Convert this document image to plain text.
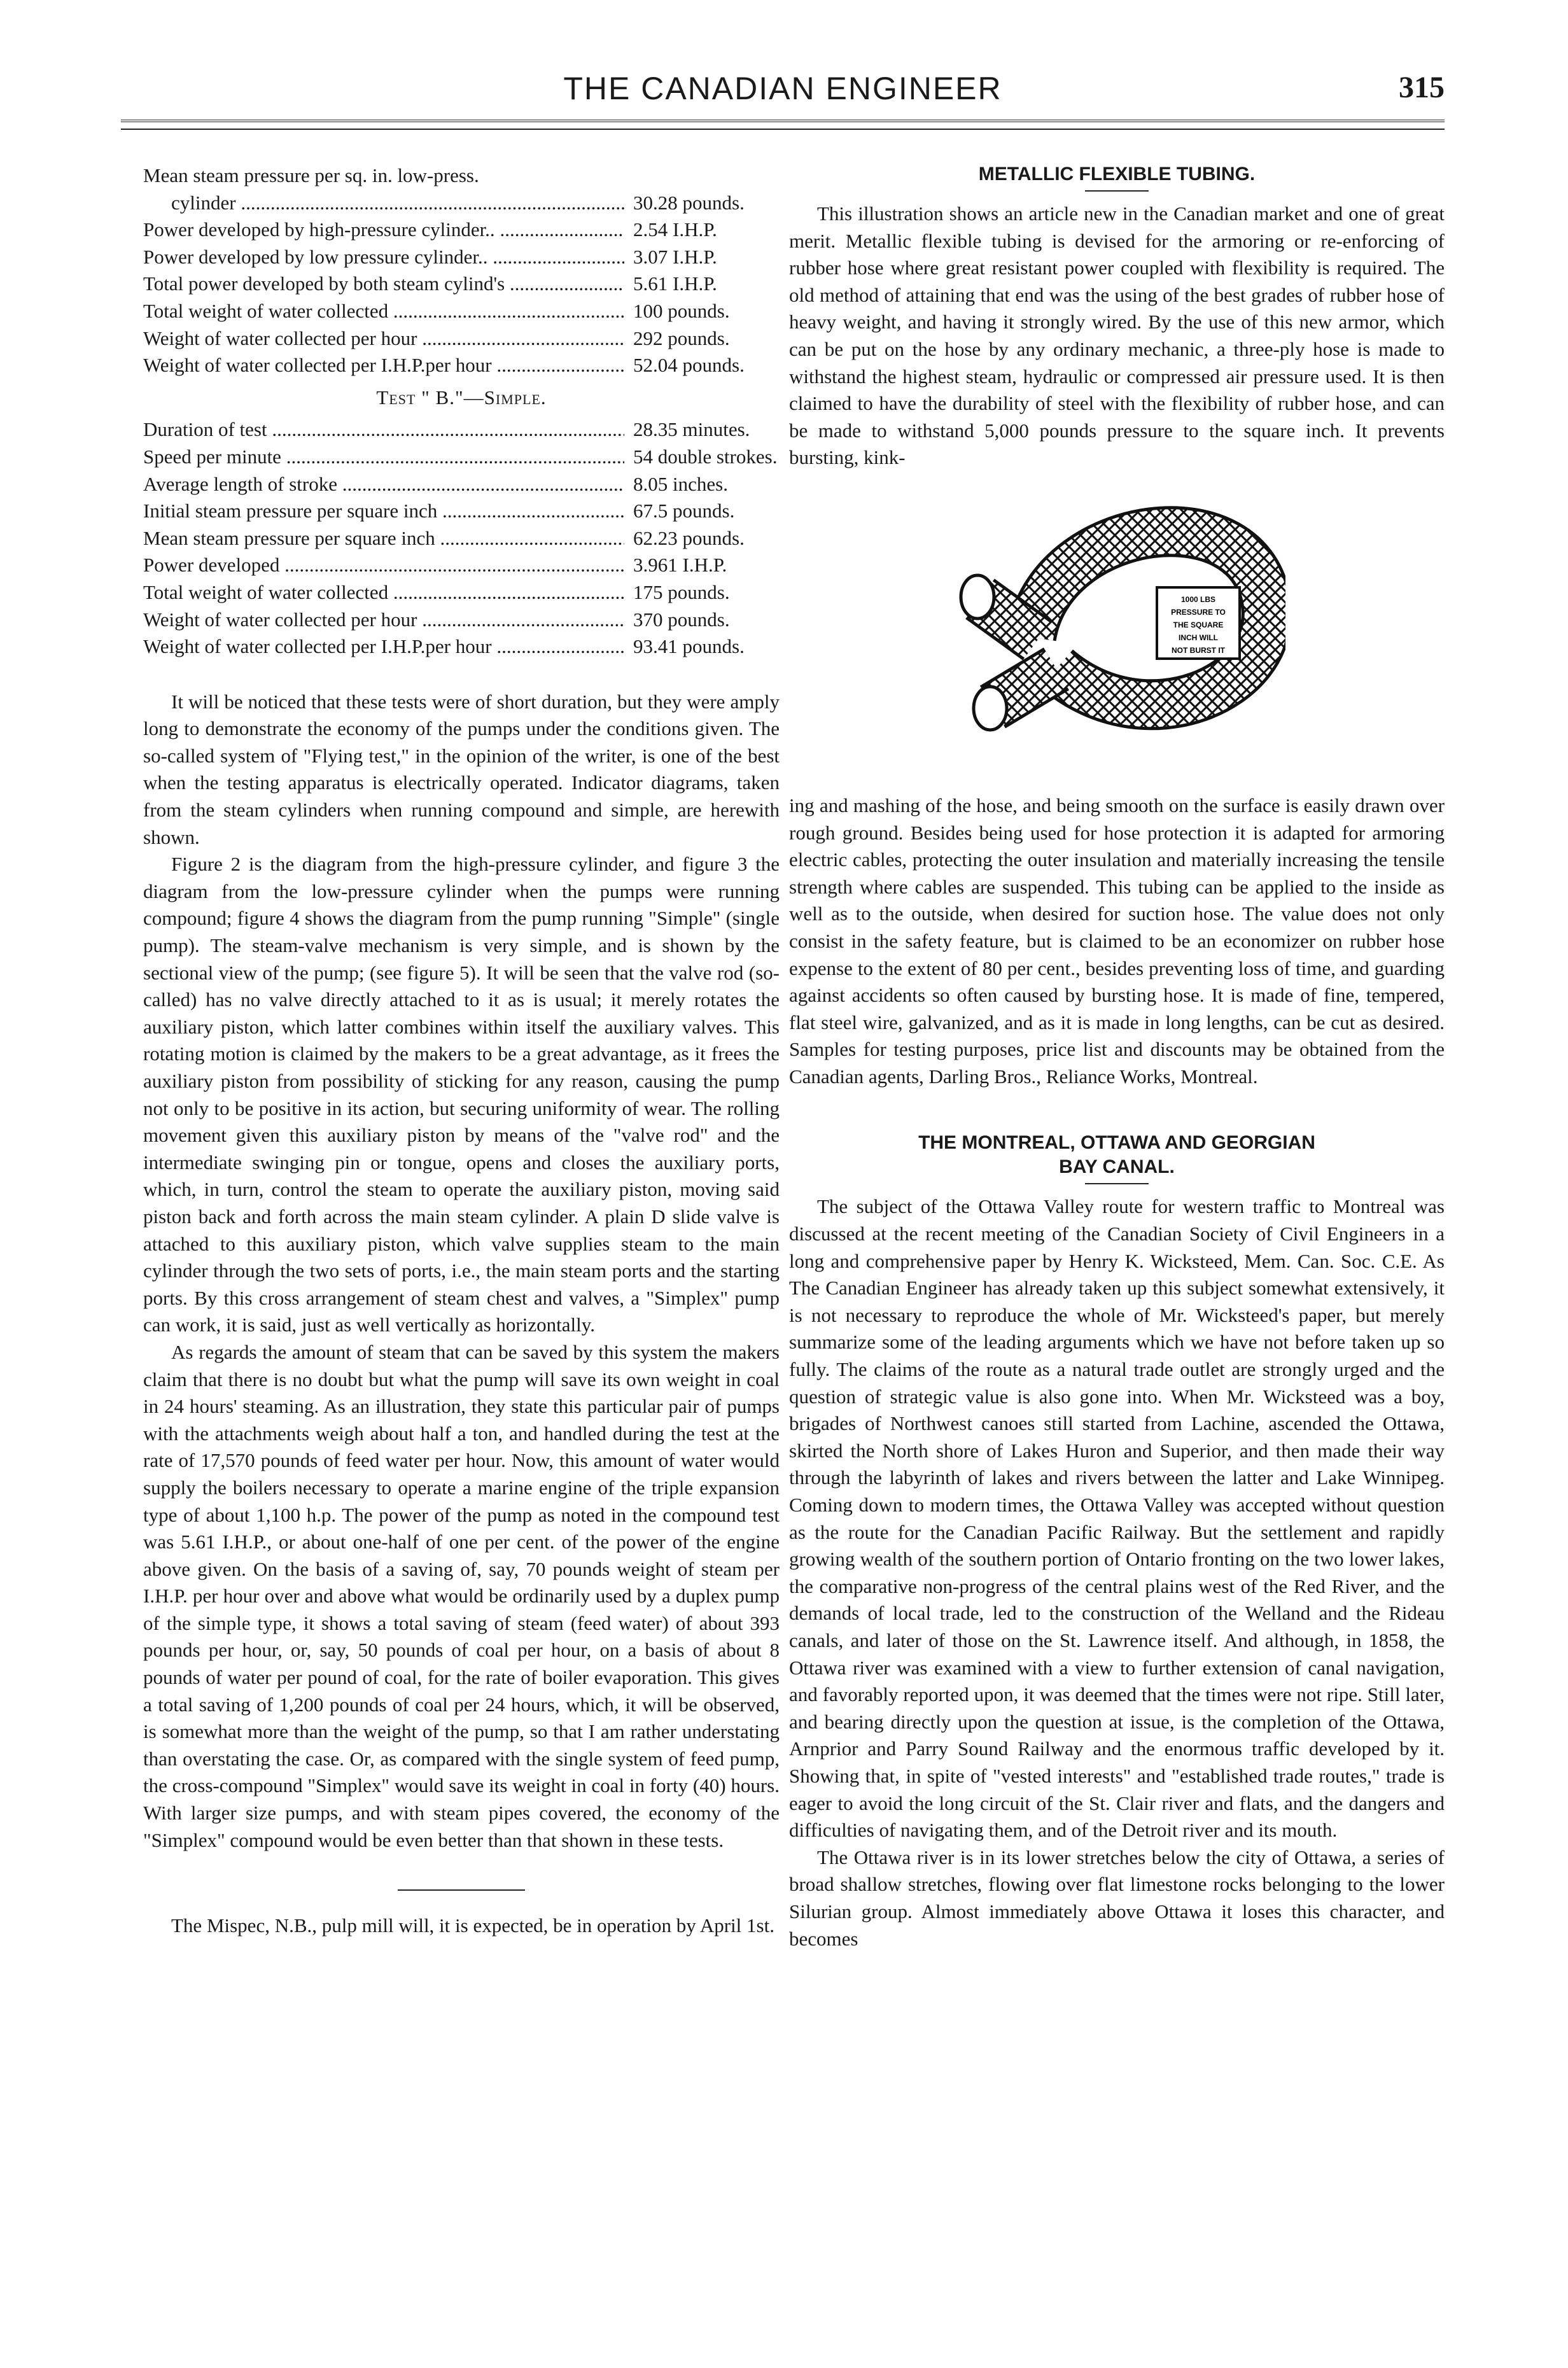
THE CANADIAN ENGINEER	315
Mean steam pressure per sq. in. low-press.
cylinder .....	30.28 pounds.
Power developed by high-pressure cylinder.. .....	2.54 I.H.P.
Power developed by low pressure cylinder.. .....	3.07 I.H.P.
Total power developed by both steam cylind's .....	5.61 I.H.P.
Total weight of water collected .....	100 pounds.
Weight of water collected per hour .....	292 pounds.
Weight of water collected per I.H.P.per hour .....	52.04 pounds.
Test " B."—Simple.
Duration of test .....	28.35 minutes.
Speed per minute .....	54 double strokes.
Average length of stroke .....	8.05 inches.
Initial steam pressure per square inch .....	67.5 pounds.
Mean steam pressure per square inch .....	62.23 pounds.
Power developed .....	3.961 I.H.P.
Total weight of water collected .....	175 pounds.
Weight of water collected per hour .....	370 pounds.
Weight of water collected per I.H.P.per hour .....	93.41 pounds.

It will be noticed that these tests were of short duration, but they were amply long to demonstrate the economy of the pumps under the conditions given. The so-called system of "Flying test," in the opinion of the writer, is one of the best when the testing apparatus is electrically operated. Indicator diagrams, taken from the steam cylinders when running compound and simple, are herewith shown.

Figure 2 is the diagram from the high-pressure cylinder, and figure 3 the diagram from the low-pressure cylinder when the pumps were running compound; figure 4 shows the diagram from the pump running "Simple" (single pump). The steam-valve mechanism is very simple, and is shown by the sectional view of the pump; (see figure 5). It will be seen that the valve rod (so-called) has no valve directly attached to it as is usual; it merely rotates the auxiliary piston, which latter combines within itself the auxiliary valves. This rotating motion is claimed by the makers to be a great advantage, as it frees the auxiliary piston from possibility of sticking for any reason, causing the pump not only to be positive in its action, but securing uniformity of wear. The rolling movement given this auxiliary piston by means of the "valve rod" and the intermediate swinging pin or tongue, opens and closes the auxiliary ports, which, in turn, control the steam to operate the auxiliary piston, moving said piston back and forth across the main steam cylinder. A plain D slide valve is attached to this auxiliary piston, which valve supplies steam to the main cylinder through the two sets of ports, i.e., the main steam ports and the starting ports. By this cross arrangement of steam chest and valves, a "Simplex" pump can work, it is said, just as well vertically as horizontally.

As regards the amount of steam that can be saved by this system the makers claim that there is no doubt but what the pump will save its own weight in coal in 24 hours' steaming. As an illustration, they state this particular pair of pumps with the attachments weigh about half a ton, and handled during the test at the rate of 17,570 pounds of feed water per hour. Now, this amount of water would supply the boilers necessary to operate a marine engine of the triple expansion type of about 1,100 h.p. The power of the pump as noted in the compound test was 5.61 I.H.P., or about one-half of one per cent. of the power of the engine above given. On the basis of a saving of, say, 70 pounds weight of steam per I.H.P. per hour over and above what would be ordinarily used by a duplex pump of the simple type, it shows a total saving of steam (feed water) of about 393 pounds per hour, or, say, 50 pounds of coal per hour, on a basis of about 8 pounds of water per pound of coal, for the rate of boiler evaporation. This gives a total saving of 1,200 pounds of coal per 24 hours, which, it will be observed, is somewhat more than the weight of the pump, so that I am rather understating than overstating the case. Or, as compared with the single system of feed pump, the cross-compound "Simplex" would save its weight in coal in forty (40) hours. With larger size pumps, and with steam pipes covered, the economy of the "Simplex" compound would be even better than that shown in these tests.

The Mispec, N.B., pulp mill will, it is expected, be in operation by April 1st.

METALLIC FLEXIBLE TUBING.

This illustration shows an article new in the Canadian market and one of great merit. Metallic flexible tubing is devised for the armoring or re-enforcing of rubber hose where great resistant power coupled with flexibility is required. The old method of attaining that end was the using of the best grades of rubber hose of heavy weight, and having it strongly wired. By the use of this new armor, which can be put on the hose by any ordinary mechanic, a three-ply hose is made to withstand the highest steam, hydraulic or compressed air pressure used. It is then claimed to have the durability of steel with the flexibility of rubber hose, and can be made to withstand 5,000 pounds pressure to the square inch. It prevents bursting, kink-

1000 LBS
PRESSURE TO
THE SQUARE
INCH WILL
NOT BURST IT

ing and mashing of the hose, and being smooth on the surface is easily drawn over rough ground. Besides being used for hose protection it is adapted for armoring electric cables, protecting the outer insulation and materially increasing the tensile strength where cables are suspended. This tubing can be applied to the inside as well as to the outside, when desired for suction hose. The value does not only consist in the safety feature, but is claimed to be an economizer on rubber hose expense to the extent of 80 per cent., besides preventing loss of time, and guarding against accidents so often caused by bursting hose. It is made of fine, tempered, flat steel wire, galvanized, and as it is made in long lengths, can be cut as desired. Samples for testing purposes, price list and discounts may be obtained from the Canadian agents, Darling Bros., Reliance Works, Montreal.

THE MONTREAL, OTTAWA AND GEORGIAN
BAY CANAL.

The subject of the Ottawa Valley route for western traffic to Montreal was discussed at the recent meeting of the Canadian Society of Civil Engineers in a long and comprehensive paper by Henry K. Wicksteed, Mem. Can. Soc. C.E. As The Canadian Engineer has already taken up this subject somewhat extensively, it is not necessary to reproduce the whole of Mr. Wicksteed's paper, but merely summarize some of the leading arguments which we have not before taken up so fully. The claims of the route as a natural trade outlet are strongly urged and the question of strategic value is also gone into. When Mr. Wicksteed was a boy, brigades of Northwest canoes still started from Lachine, ascended the Ottawa, skirted the North shore of Lakes Huron and Superior, and then made their way through the labyrinth of lakes and rivers between the latter and Lake Winnipeg. Coming down to modern times, the Ottawa Valley was accepted without question as the route for the Canadian Pacific Railway. But the settlement and rapidly growing wealth of the southern portion of Ontario fronting on the two lower lakes, the comparative non-progress of the central plains west of the Red River, and the demands of local trade, led to the construction of the Welland and the Rideau canals, and later of those on the St. Lawrence itself. And although, in 1858, the Ottawa river was examined with a view to further extension of canal navigation, and favorably reported upon, it was deemed that the times were not ripe. Still later, and bearing directly upon the question at issue, is the completion of the Ottawa, Arnprior and Parry Sound Railway and the enormous traffic developed by it. Showing that, in spite of "vested interests" and "established trade routes," trade is eager to avoid the long circuit of the St. Clair river and flats, and the dangers and difficulties of navigating them, and of the Detroit river and its mouth.

The Ottawa river is in its lower stretches below the city of Ottawa, a series of broad shallow stretches, flowing over flat limestone rocks belonging to the lower Silurian group. Almost immediately above Ottawa it loses this character, and becomes
